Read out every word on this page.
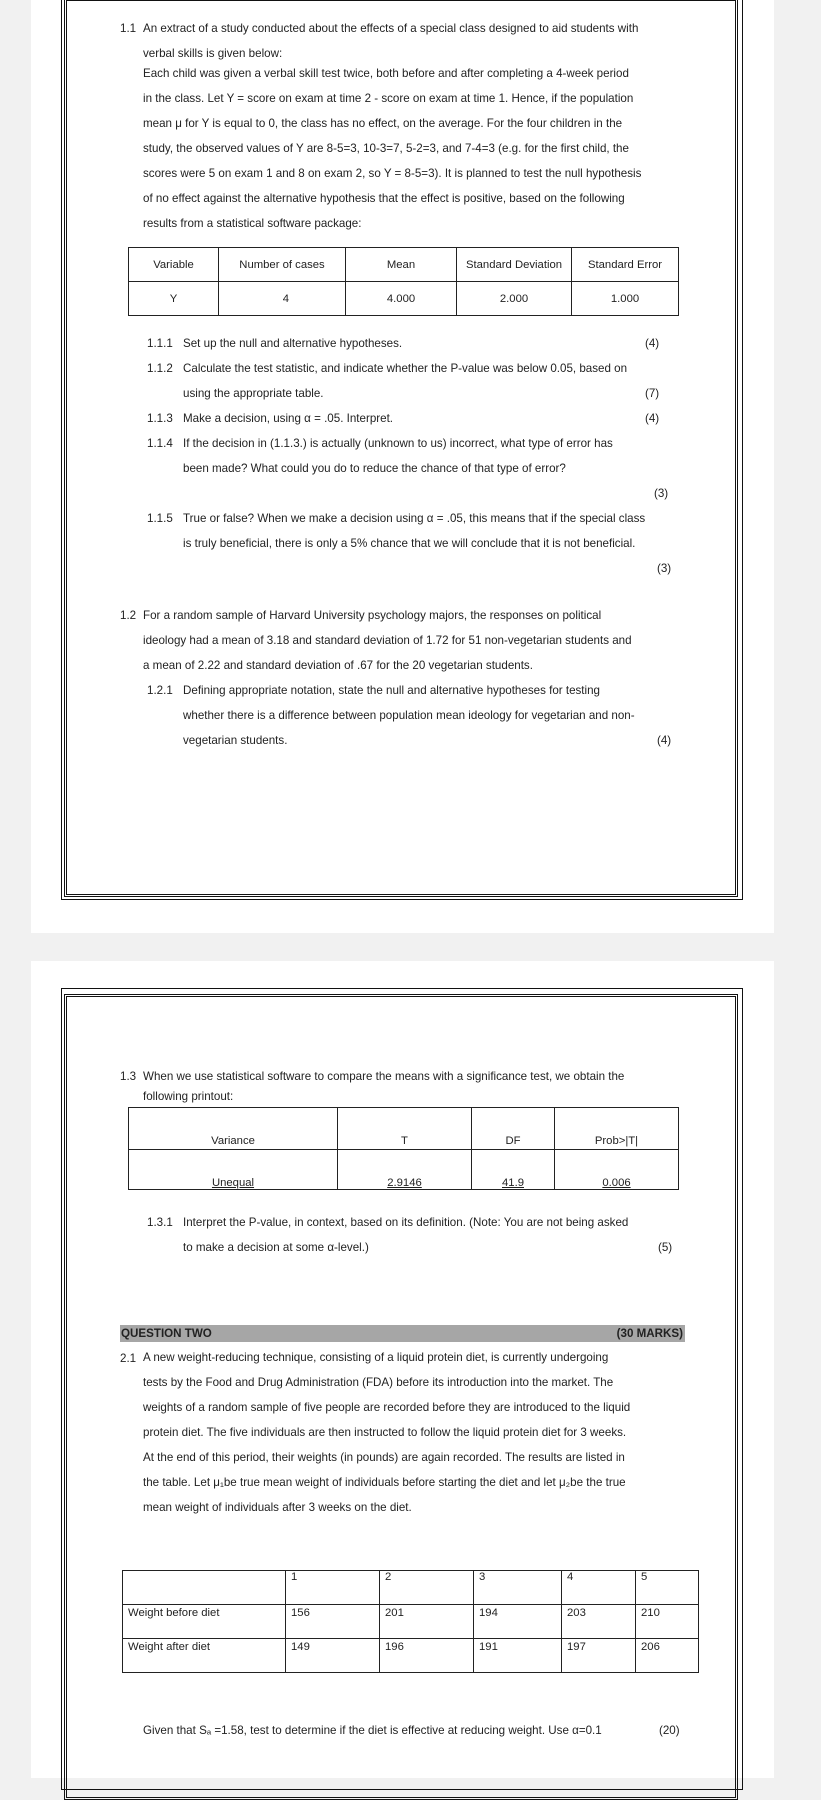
1.1 An extract of a study conducted about the effects of a special class designed to aid students with
verbal skills is given below:
Each child was given a verbal skill test twice, both before and after completing a 4-week period
in the class. Let Y = score on exam at time 2 - score on exam at time 1. Hence, if the population
mean μ for Y is equal to 0, the class has no effect, on the average. For the four children in the
study, the observed values of Y are 8-5=3, 10-3=7, 5-2=3, and 7-4=3 (e.g. for the first child, the
scores were 5 on exam 1 and 8 on exam 2, so Y = 8-5=3). It is planned to test the null hypothesis
of no effect against the alternative hypothesis that the effect is positive, based on the following
results from a statistical software package:
Variable	Number of cases	Mean	Standard Deviation	Standard Error
Y	4	4.000	2.000	1.000
1.1.1 Set up the null and alternative hypotheses.	(4)
1.1.2 Calculate the test statistic, and indicate whether the P-value was below 0.05, based on
using the appropriate table.	(7)
1.1.3 Make a decision, using α = .05. Interpret.	(4)
1.1.4 If the decision in (1.1.3.) is actually (unknown to us) incorrect, what type of error has
been made? What could you do to reduce the chance of that type of error?
(3)
1.1.5 True or false? When we make a decision using α = .05, this means that if the special class
is truly beneficial, there is only a 5% chance that we will conclude that it is not beneficial.
(3)
1.2 For a random sample of Harvard University psychology majors, the responses on political
ideology had a mean of 3.18 and standard deviation of 1.72 for 51 non-vegetarian students and
a mean of 2.22 and standard deviation of .67 for the 20 vegetarian students.
1.2.1 Defining appropriate notation, state the null and alternative hypotheses for testing
whether there is a difference between population mean ideology for vegetarian and non-
vegetarian students.	(4)
1.3 When we use statistical software to compare the means with a significance test, we obtain the
following printout:
Variance	T	DF	Prob>|T|
Unequal	2.9146	41.9	0.006
1.3.1 Interpret the P-value, in context, based on its definition. (Note: You are not being asked
to make a decision at some α-level.)	(5)
QUESTION TWO	(30 MARKS)
2.1 A new weight-reducing technique, consisting of a liquid protein diet, is currently undergoing
tests by the Food and Drug Administration (FDA) before its introduction into the market. The
weights of a random sample of five people are recorded before they are introduced to the liquid
protein diet. The five individuals are then instructed to follow the liquid protein diet for 3 weeks.
At the end of this period, their weights (in pounds) are again recorded. The results are listed in
the table. Let μ₁be true mean weight of individuals before starting the diet and let μ₂be the true
mean weight of individuals after 3 weeks on the diet.
	1	2	3	4	5
Weight before diet	156	201	194	203	210
Weight after diet	149	196	191	197	206
Given that Sₐ =1.58, test to determine if the diet is effective at reducing weight. Use α=0.1	(20)
